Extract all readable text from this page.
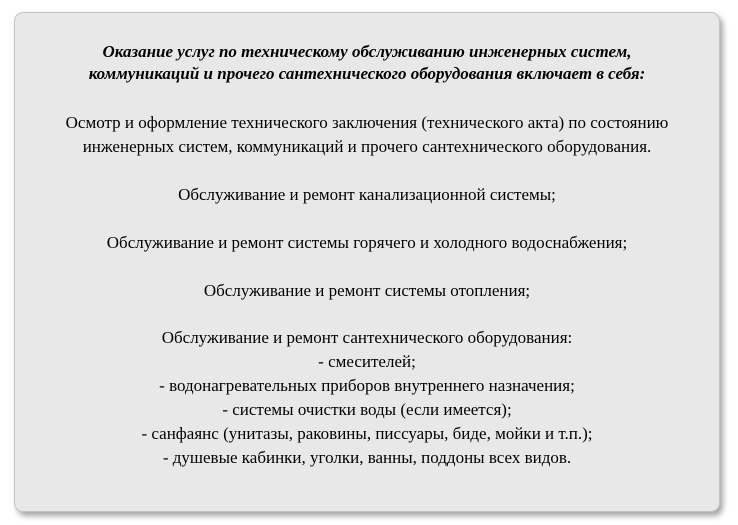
Оказание услуг по техническому обслуживанию инженерных систем,
коммуникаций и прочего сантехнического оборудования включает в себя:
Осмотр и оформление технического заключения (технического акта) по состоянию
инженерных систем, коммуникаций и прочего сантехнического оборудования.
Обслуживание и ремонт канализационной системы;
Обслуживание и ремонт системы горячего и холодного водоснабжения;
Обслуживание и ремонт системы отопления;
Обслуживание и ремонт сантехнического оборудования:
- смесителей;
- водонагревательных приборов внутреннего назначения;
- системы очистки воды (если имеется);
- санфаянс (унитазы, раковины, писсуары, биде, мойки и т.п.);
- душевые кабинки, уголки, ванны, поддоны всех видов.
